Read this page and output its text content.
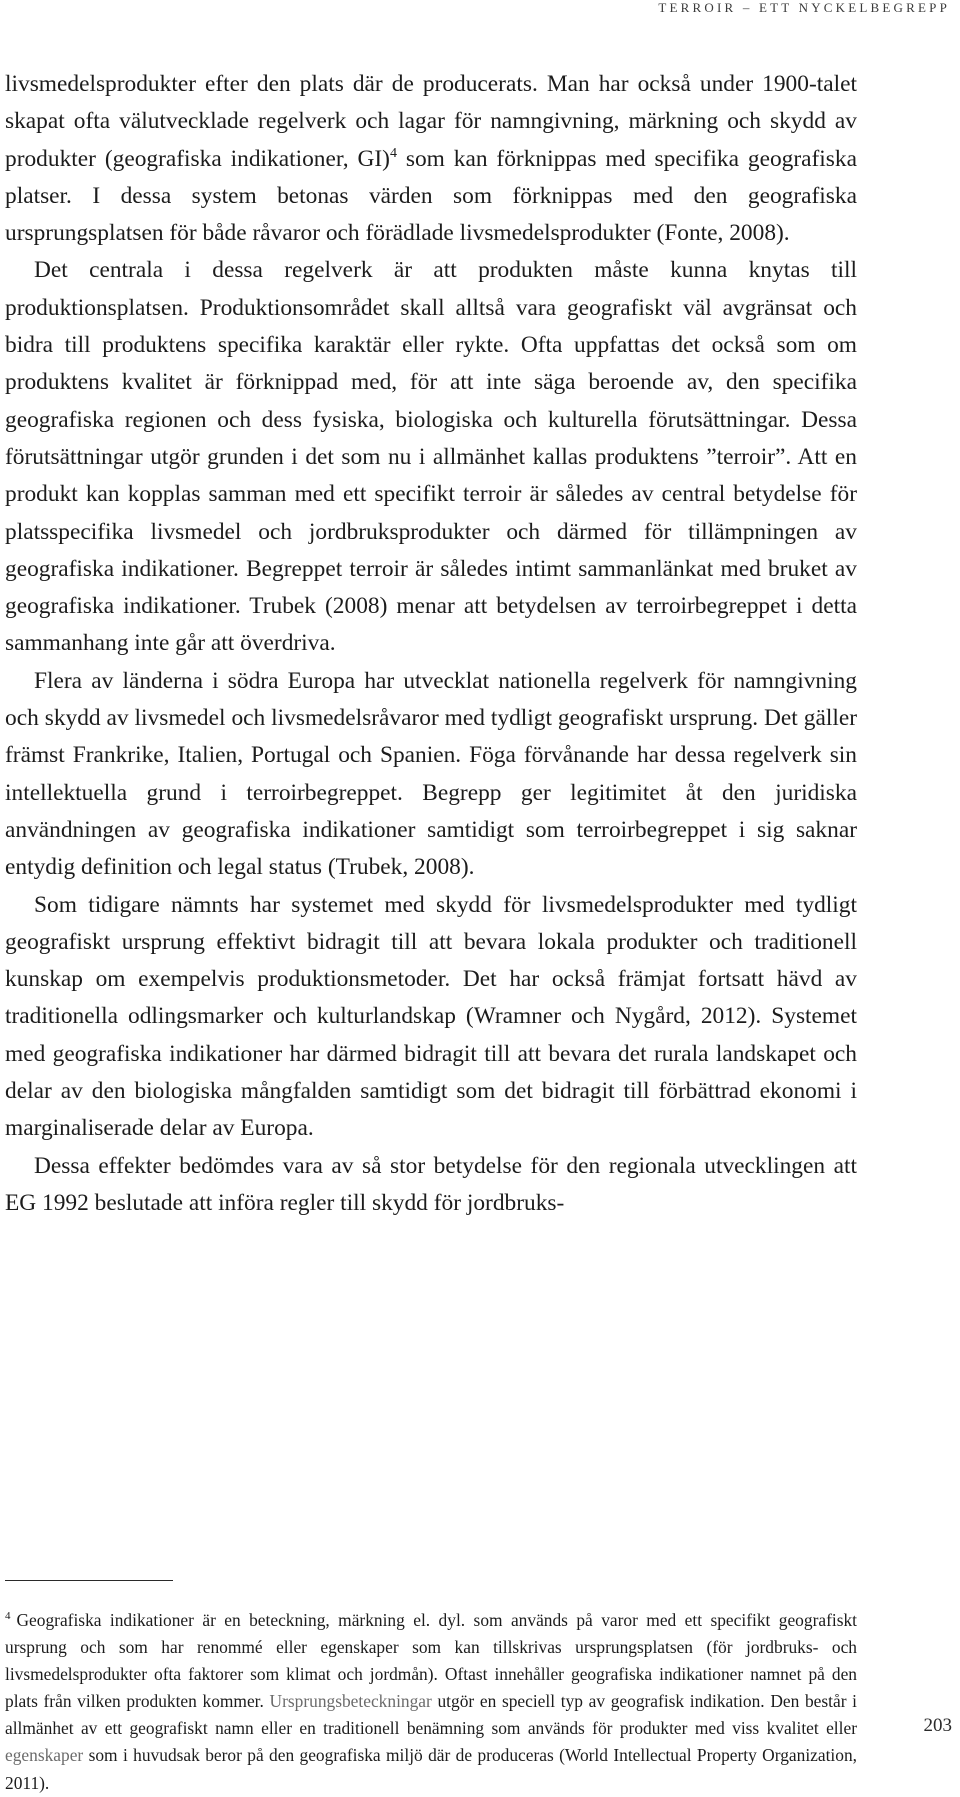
TERROIR – ETT NYCKELBEGREPP

livsmedelsprodukter efter den plats där de producerats. Man har också under 1900-talet skapat ofta välutvecklade regelverk och lagar för namngivning, märkning och skydd av produkter (geografiska indikationer, GI)$^4$ som kan förknippas med specifika geografiska platser. I dessa system betonas värden som förknippas med den geografiska ursprungsplatsen för både råvaror och förädlade livsmedelsprodukter (Fonte, 2008).

Det centrala i dessa regelverk är att produkten måste kunna knytas till produktionsplatsen. Produktionsområdet skall alltså vara geografiskt väl avgränsat och bidra till produktens specifika karaktär eller rykte. Ofta uppfattas det också som om produktens kvalitet är förknippad med, för att inte säga beroende av, den specifika geografiska regionen och dess fysiska, biologiska och kulturella förutsättningar. Dessa förutsättningar utgör grunden i det som nu i allmänhet kallas produktens ”terroir”. Att en produkt kan kopplas samman med ett specifikt terroir är således av central betydelse för platsspecifika livsmedel och jordbruksprodukter och därmed för tillämpningen av geografiska indikationer. Begreppet terroir är således intimt sammanlänkat med bruket av geografiska indikationer. Trubek (2008) menar att betydelsen av terroirbegreppet i detta sammanhang inte går att överdriva.

Flera av länderna i södra Europa har utvecklat nationella regelverk för namngivning och skydd av livsmedel och livsmedelsråvaror med tydligt geografiskt ursprung. Det gäller främst Frankrike, Italien, Portugal och Spanien. Föga förvånande har dessa regelverk sin intellektuella grund i terroirbegreppet. Begrepp ger legitimitet åt den juridiska användningen av geografiska indikationer samtidigt som terroirbegreppet i sig saknar entydig definition och legal status (Trubek, 2008).

Som tidigare nämnts har systemet med skydd för livsmedelsprodukter med tydligt geografiskt ursprung effektivt bidragit till att bevara lokala produkter och traditionell kunskap om exempelvis produktionsmetoder. Det har också främjat fortsatt hävd av traditionella odlingsmarker och kulturlandskap (Wramner och Nygård, 2012). Systemet med geografiska indikationer har därmed bidragit till att bevara det rurala landskapet och delar av den biologiska mångfalden samtidigt som det bidragit till förbättrad ekonomi i marginaliserade delar av Europa.

Dessa effekter bedömdes vara av så stor betydelse för den regionala utvecklingen att EG 1992 beslutade att införa regler till skydd för jordbruks-

$^4$ Geografiska indikationer är en beteckning, märkning el. dyl. som används på varor med ett specifikt geografiskt ursprung och som har renommé eller egenskaper som kan tillskrivas ursprungsplatsen (för jordbruks- och livsmedelsprodukter ofta faktorer som klimat och jordmån). Oftast innehåller geografiska indikationer namnet på den plats från vilken produkten kommer. Ursprungsbeteckningar utgör en speciell typ av geografisk indikation. Den består i allmänhet av ett geografiskt namn eller en traditionell benämning som används för produkter med viss kvalitet eller egenskaper som i huvudsak beror på den geografiska miljö där de produceras (World Intellectual Property Organization, 2011).

203
